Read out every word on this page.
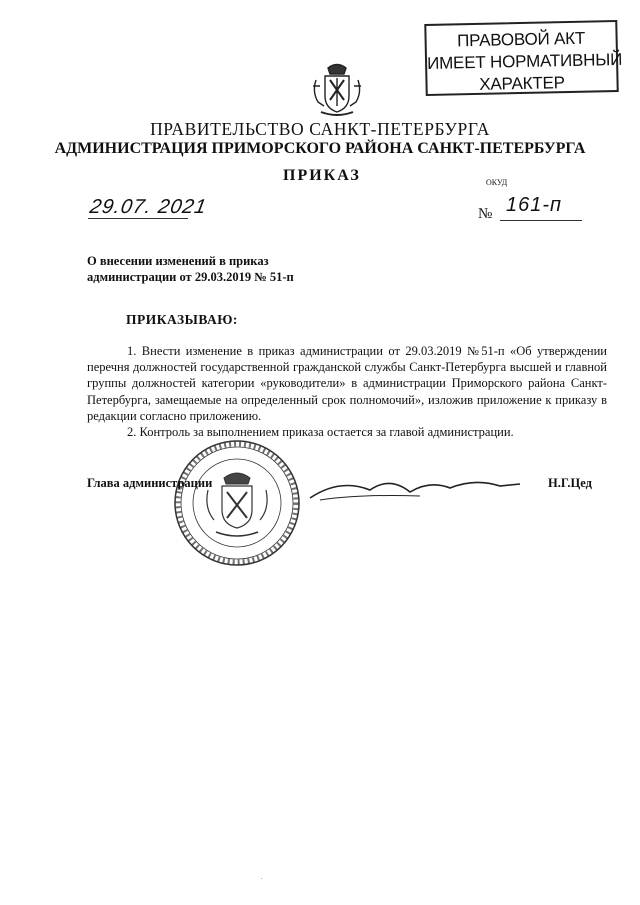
ПРАВОВОЙ АКТ
ИМЕЕТ НОРМАТИВНЫЙ
ХАРАКТЕР
ПРАВИТЕЛЬСТВО САНКТ-ПЕТЕРБУРГА
АДМИНИСТРАЦИЯ ПРИМОРСКОГО РАЙОНА САНКТ-ПЕТЕРБУРГА
ПРИКАЗ	ОКУД
29.07. 2021	№ 161-п
О внесении изменений в приказ
администрации от 29.03.2019 № 51-п
ПРИКАЗЫВАЮ:

1. Внести изменение в приказ администрации от 29.03.2019 №51-п «Об утверждении перечня должностей государственной гражданской службы Санкт-Петербурга высшей и главной группы должностей категории «руководители» в администрации Приморского района Санкт-Петербурга, замещаемые на определенный срок полномочий», изложив приложение к приказу в редакции согласно приложению.

2. Контроль за выполнением приказа остается за главой администрации.

Глава администрации	Н.Г.Цед
